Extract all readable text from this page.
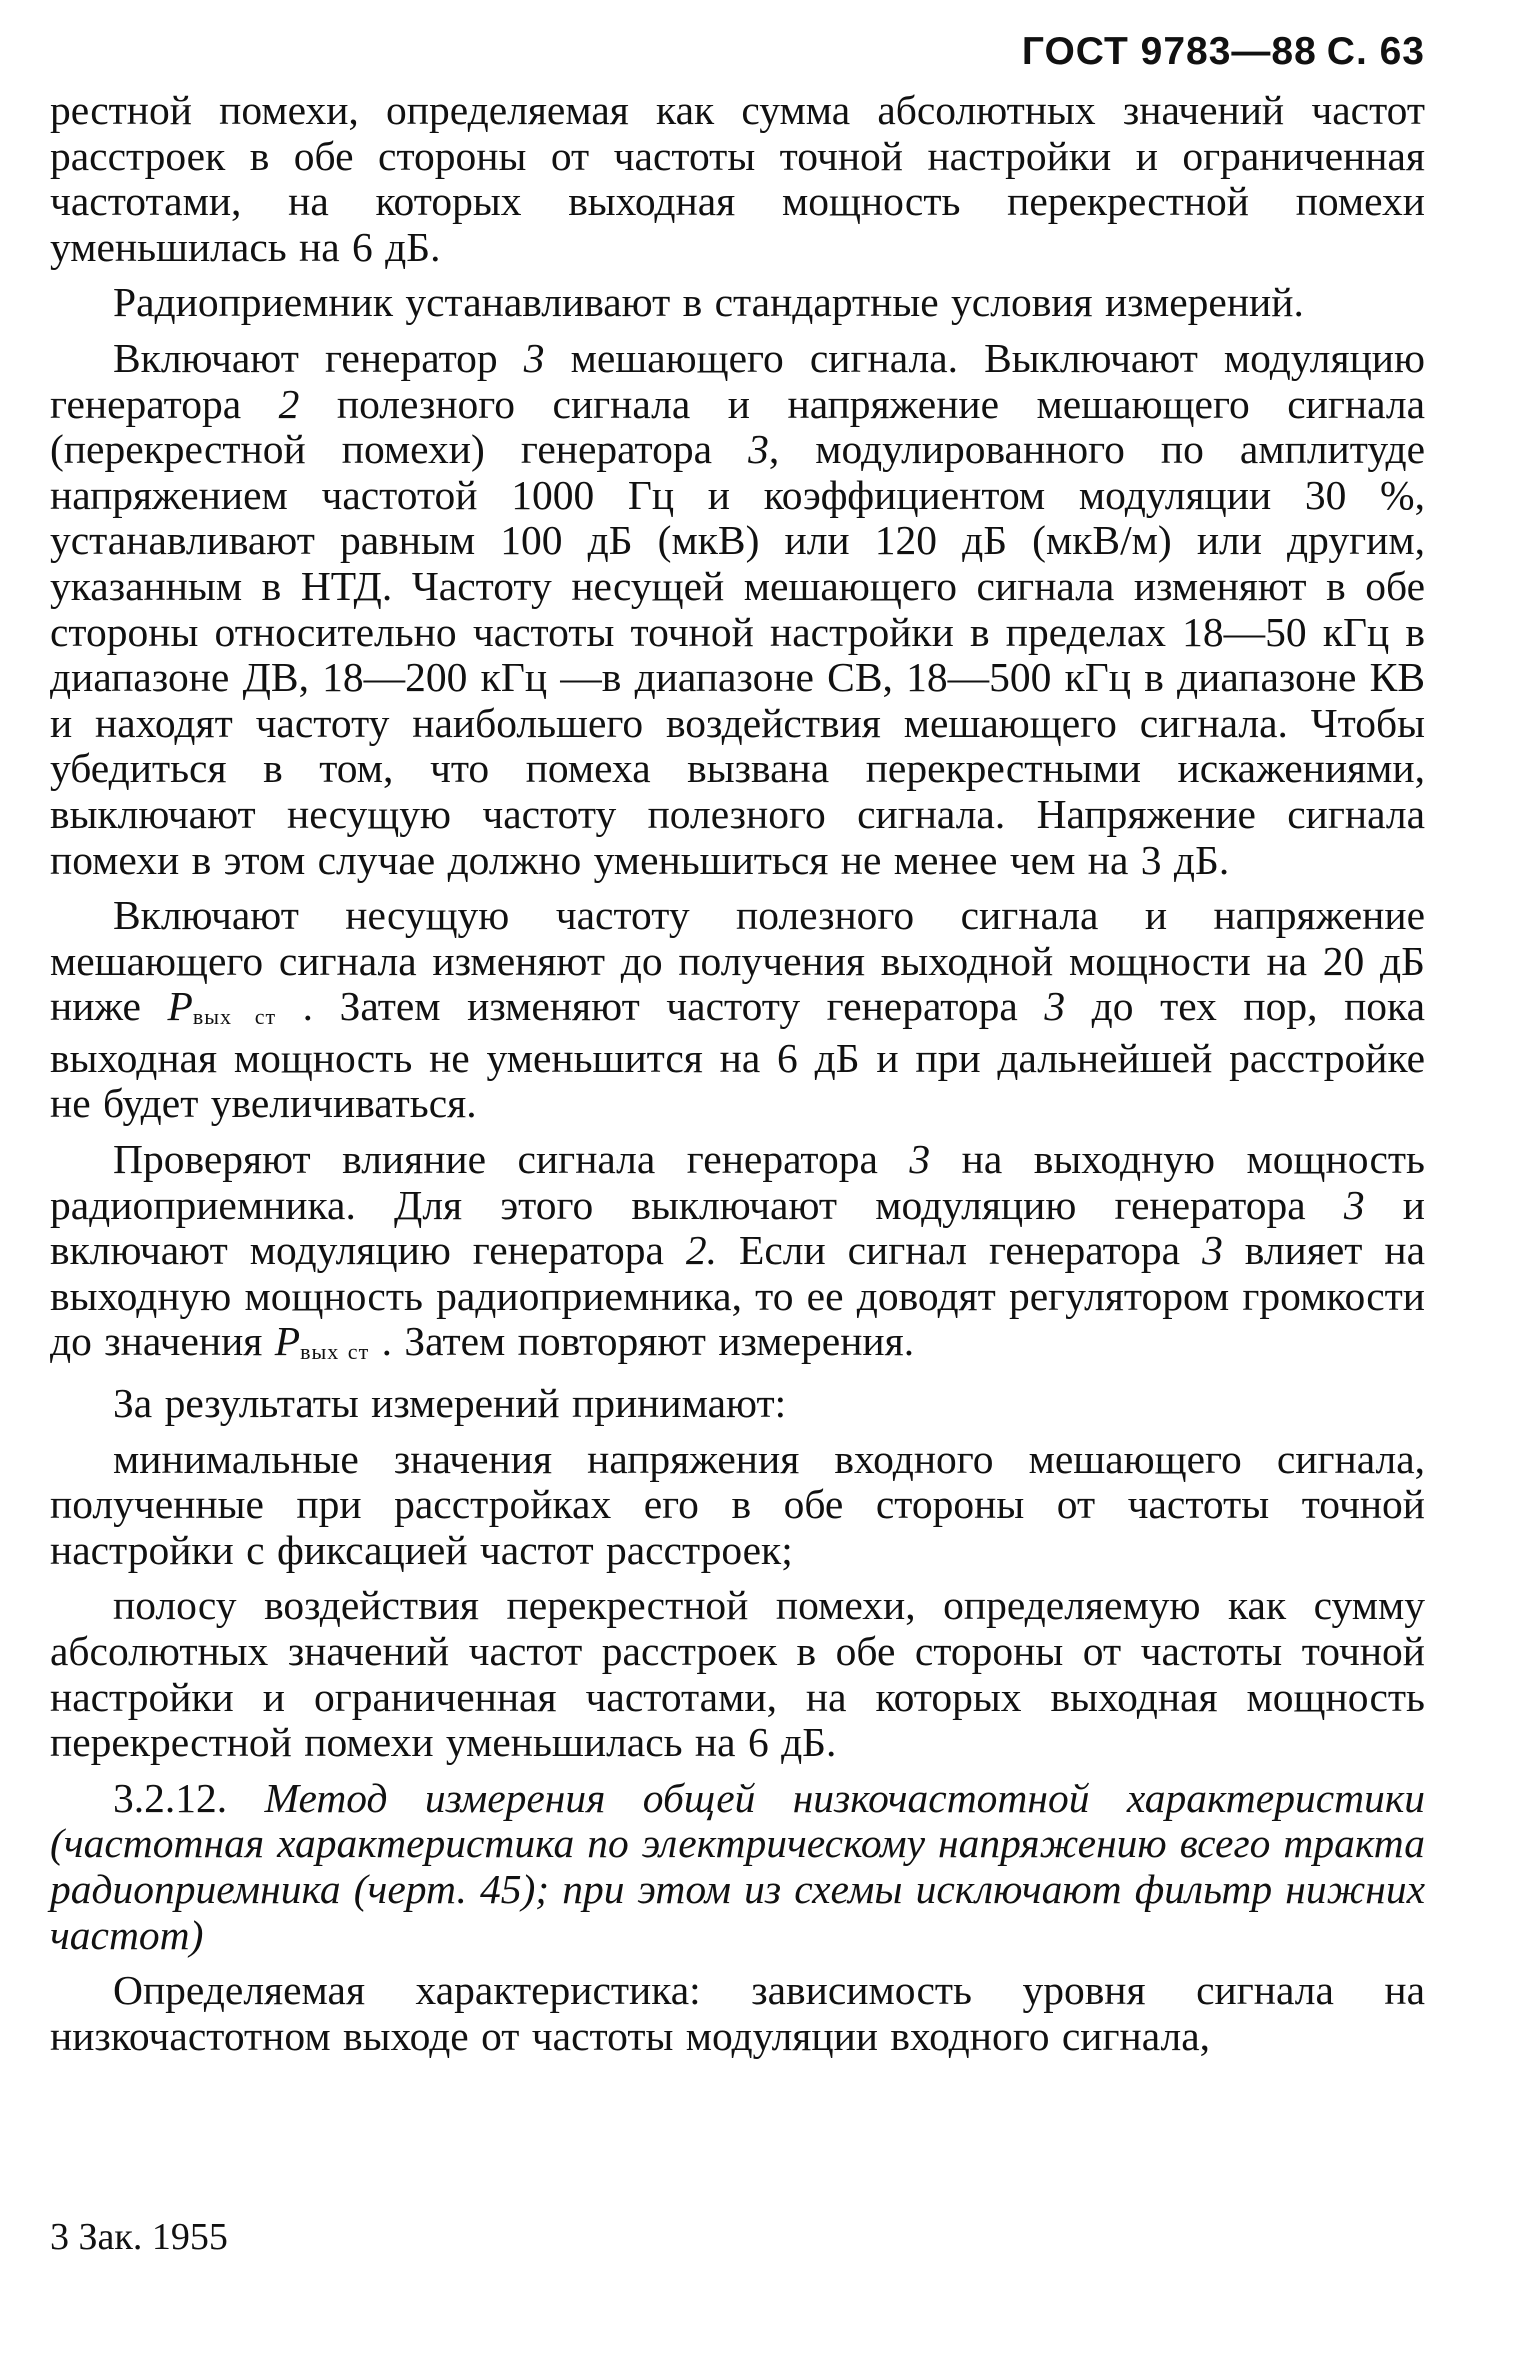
ГОСТ 9783—88 С. 63

рестной помехи, определяемая как сумма абсолютных значений частот расстроек в обе стороны от частоты точной настройки и ограниченная частотами, на которых выходная мощность перекрестной помехи уменьшилась на 6 дБ.

Радиоприемник устанавливают в стандартные условия измерений.

Включают генератор 3 мешающего сигнала. Выключают модуляцию генератора 2 полезного сигнала и напряжение мешающего сигнала (перекрестной помехи) генератора 3, модулированного по амплитуде напряжением частотой 1000 Гц и коэффициентом модуляции 30 %, устанавливают равным 100 дБ (мкВ) или 120 дБ (мкВ/м) или другим, указанным в НТД. Частоту несущей мешающего сигнала изменяют в обе стороны относительно частоты точной настройки в пределах 18—50 кГц в диапазоне ДВ, 18—200 кГц —в диапазоне СВ, 18—500 кГц в диапазоне КВ и находят частоту наибольшего воздействия мешающего сигнала. Чтобы убедиться в том, что помеха вызвана перекрестными искажениями, выключают несущую частоту полезного сигнала. Напряжение сигнала помехи в этом случае должно уменьшиться не менее чем на 3 дБ.

Включают несущую частоту полезного сигнала и напряжение мешающего сигнала изменяют до получения выходной мощности на 20 дБ ниже Pвых ст . Затем изменяют частоту генератора 3 до тех пор, пока выходная мощность не уменьшится на 6 дБ и при дальнейшей расстройке не будет увеличиваться.

Проверяют влияние сигнала генератора 3 на выходную мощность радиоприемника. Для этого выключают модуляцию генератора 3 и включают модуляцию генератора 2. Если сигнал генератора 3 влияет на выходную мощность радиоприемника, то ее доводят регулятором громкости до значения Pвых ст . Затем повторяют измерения.

За результаты измерений принимают:

минимальные значения напряжения входного мешающего сигнала, полученные при расстройках его в обе стороны от частоты точной настройки с фиксацией частот расстроек;

полосу воздействия перекрестной помехи, определяемую как сумму абсолютных значений частот расстроек в обе стороны от частоты точной настройки и ограниченная частотами, на которых выходная мощность перекрестной помехи уменьшилась на 6 дБ.

3.2.12. Метод измерения общей низкочастотной характеристики (частотная характеристика по электрическому напряжению всего тракта радиоприемника (черт. 45); при этом из схемы исключают фильтр нижних частот)

Определяемая характеристика: зависимость уровня сигнала на низкочастотном выходе от частоты модуляции входного сигнала,

3 Зак. 1955
